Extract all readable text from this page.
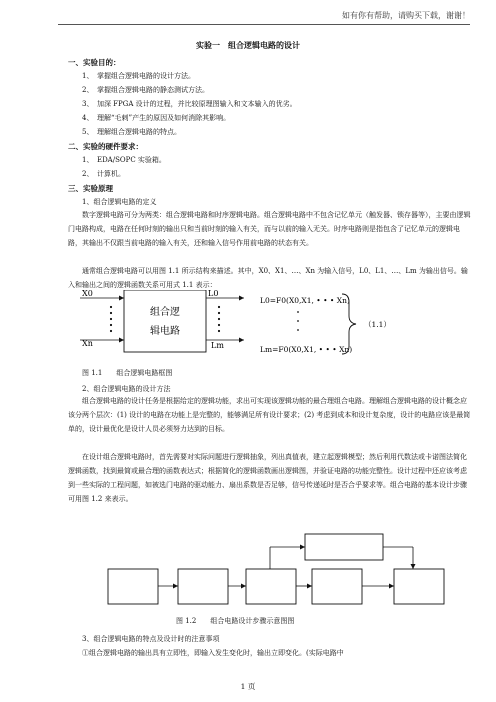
如有你有帮助，请购买下载，谢谢！
实验一　组合逻辑电路的设计
一、实验目的：
1、　掌握组合逻辑电路的设计方法。
2、　掌握组合逻辑电路的静态测试方法。
3、　加深 FPGA 设计的过程，并比较原理图输入和文本输入的优劣。
4、　理解“毛刺”产生的原因及如何消除其影响。
5、　理解组合逻辑电路的特点。
二、实验的硬件要求：
1、　EDA/SOPC 实验箱。
2、　计算机。
三、实验原理
1、组合逻辑电路的定义
数字逻辑电路可分为两类：组合逻辑电路和时序逻辑电路。组合逻辑电路中不包含记忆单元（触发器、锁存器等），主要由逻辑门电路构成，电路在任何时刻的输出只和当前时刻的输入有关，而与以前的输入无关。时序电路则是指包含了记忆单元的逻辑电路，其输出不仅跟当前电路的输入有关，还和输入信号作用前电路的状态有关。
通常组合逻辑电路可以用图 1.1 所示结构来描述。其中，X0、X1、…、Xn 为输入信号，L0、L1、…、Lm 为输出信号。输入和输出之间的逻辑函数关系可用式 1.1 表示：
X0
Xn
组合逻
辑电路
L0
Lm
L0=F0(X0,X1, • • • Xn)
Lm=F0(X0,X1, • • • Xn)
（1.1）
图 1.1　　组合逻辑电路框图
2、组合逻辑电路的设计方法
组合逻辑电路的设计任务是根据给定的逻辑功能，求出可实现该逻辑功能的最合理组合电路。理解组合逻辑电路的设计概念应该分两个层次：(1) 设计的电路在功能上是完整的，能够满足所有设计要求；(2) 考虑到成本和设计复杂度，设计的电路应该是最简单的，设计最优化是设计人员必须努力达到的目标。
在设计组合逻辑电路时，首先需要对实际问题进行逻辑抽象，列出真值表，建立起逻辑模型；然后利用代数法或卡诺图法简化逻辑函数，找到最简或最合理的函数表达式；根据简化的逻辑函数画出逻辑图，并验证电路的功能完整性。设计过程中还应该考虑到一些实际的工程问题，如被选门电路的驱动能力、扇出系数是否足够，信号传递延时是否合乎要求等。组合电路的基本设计步骤可用图 1.2 来表示。
图 1.2　　组合电路设计步骤示意图图
3、组合逻辑电路的特点及设计时的注意事项
①组合逻辑电路的输出具有立即性，即输入发生变化时，输出立即变化。(实际电路中
1 页
